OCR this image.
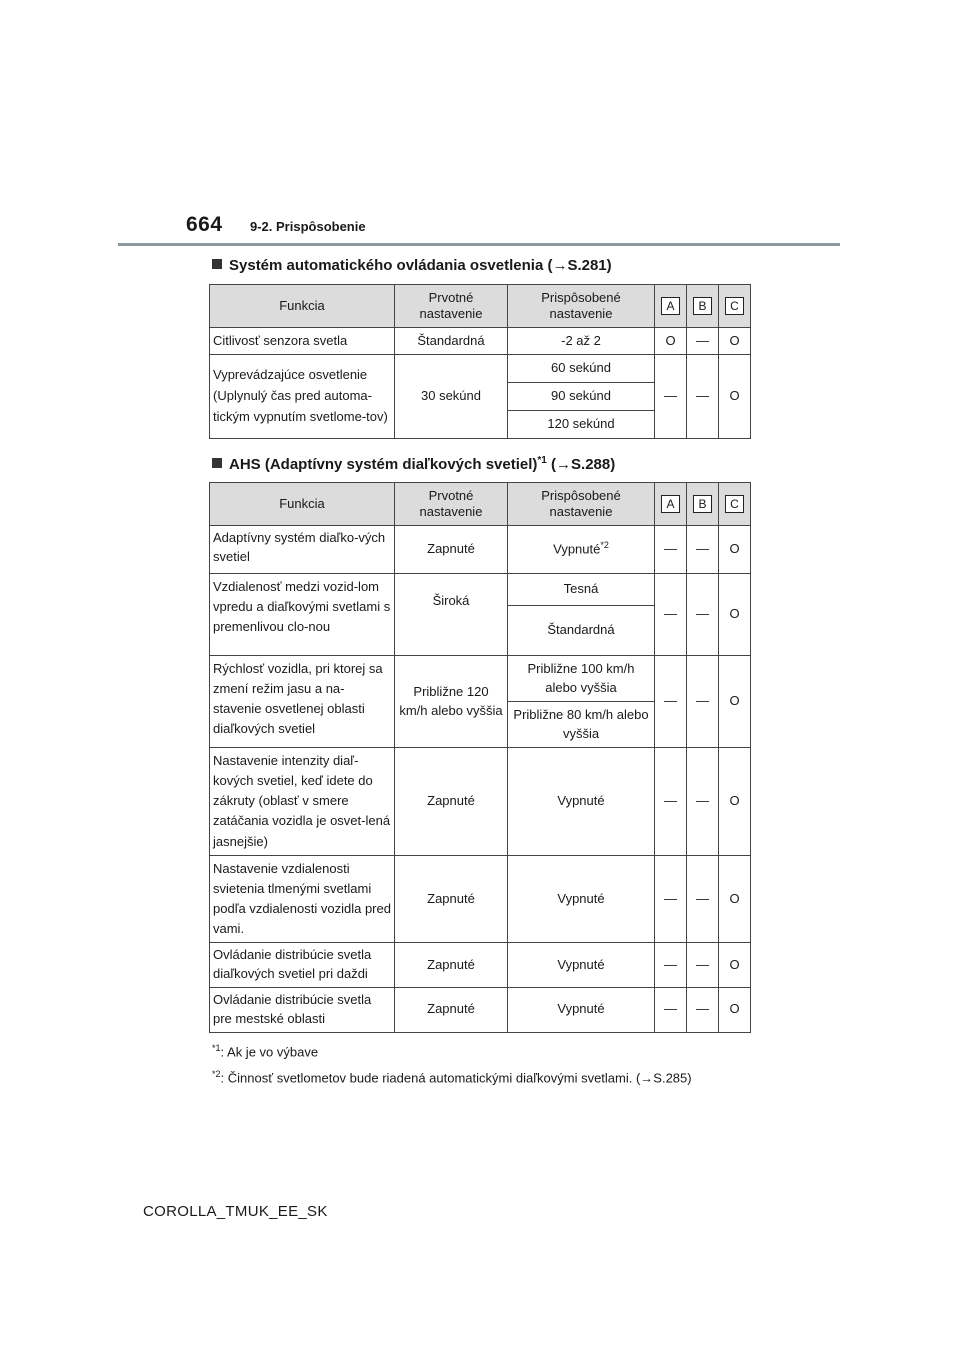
664 9-2. Prispôsobenie
Systém automatického ovládania osvetlenia (→S.281)
Funkcia	Prvotné nastavenie	Prispôsobené nastavenie	A	B	C
Citlivosť senzora svetla	Štandardná	-2 až 2	O	—	O
Vyprevádzajúce osvetlenie (Uplynulý čas pred automa-tickým vypnutím svetlome-tov)	30 sekúnd	60 sekúnd	—	—	O
		90 sekúnd			
		120 sekúnd			
AHS (Adaptívny systém diaľkových svetiel)$^{*1}$ (→S.288)
Funkcia	Prvotné nastavenie	Prispôsobené nastavenie	A	B	C
Adaptívny systém diaľko-vých svetiel	Zapnuté	Vypnuté$^{*2}$	—	—	O
Vzdialenosť medzi vozid-lom vpredu a diaľkovými svetlami s premenlivou clo-nou	Široká	Tesná	—	—	O
		Štandardná			
Rýchlosť vozidla, pri ktorej sa zmení režim jasu a na-stavenie osvetlenej oblasti diaľkových svetiel	Približne 120 km/h alebo vyššia	Približne 100 km/h alebo vyššia	—	—	O
		Približne 80 km/h alebo vyššia			
Nastavenie intenzity diaľ-kových svetiel, keď idete do zákruty (oblasť v smere zatáčania vozidla je osvet-lená jasnejšie)	Zapnuté	Vypnuté	—	—	O
Nastavenie vzdialenosti svietenia tlmenými svetlami podľa vzdialenosti vozidla pred vami.	Zapnuté	Vypnuté	—	—	O
Ovládanie distribúcie svetla diaľkových svetiel pri daždi	Zapnuté	Vypnuté	—	—	O
Ovládanie distribúcie svetla pre mestské oblasti	Zapnuté	Vypnuté	—	—	O
$^{*1}$: Ak je vo výbave
$^{*2}$: Činnosť svetlometov bude riadená automatickými diaľkovými svetlami. (→S.285)
COROLLA_TMUK_EE_SK
